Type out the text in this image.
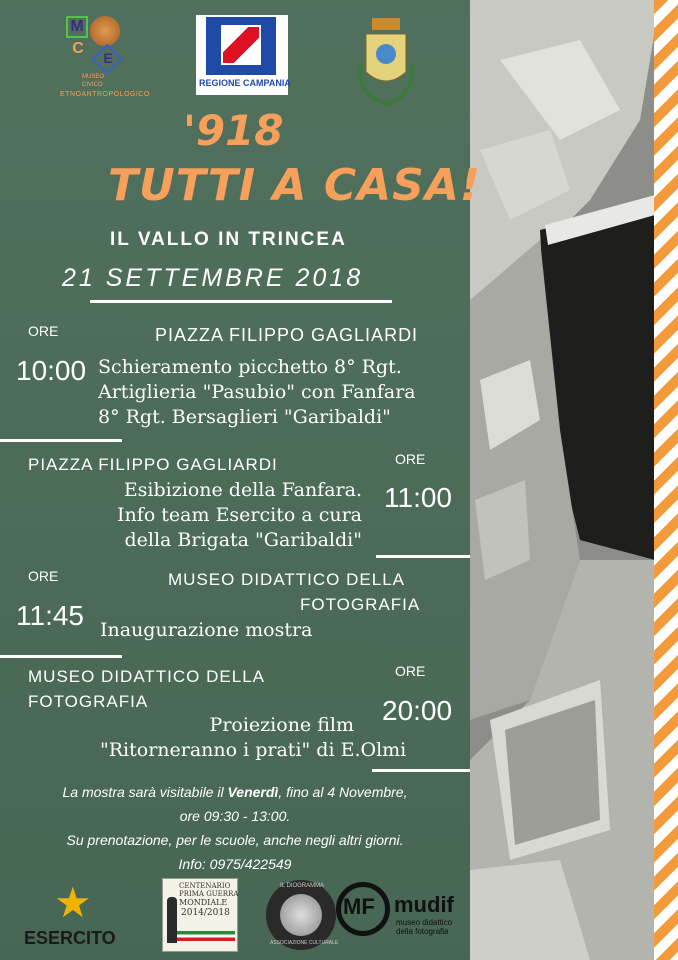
M
C
E
MUSEO
CIVICO
ETNOANTROPOLOGICO
REGIONE CAMPANIA
'918
TUTTI A CASA!
IL VALLO IN TRINCEA
21 SETTEMBRE 2018
ORE	PIAZZA FILIPPO GAGLIARDI
10:00 Schieramento picchetto 8° Rgt.
Artiglieria "Pasubio" con Fanfara
8° Rgt. Bersaglieri "Garibaldi"
PIAZZA FILIPPO GAGLIARDI	ORE
11:00
Esibizione della Fanfara.
Info team Esercito a cura
della Brigata "Garibaldi"
ORE	MUSEO DIDATTICO DELLA
FOTOGRAFIA
11:45 Inaugurazione mostra
MUSEO DIDATTICO DELLA
FOTOGRAFIA
ORE
20:00
Proiezione film
"Ritorneranno i prati" di E.Olmi
La mostra sarà visitabile il Venerdì, fino al 4 Novembre,
ore 09:30 - 13:00.
Su prenotazione, per le scuole, anche negli altri giorni.
Info: 0975/422549
★
ESERCITO
CENTENARIO
PRIMA GUERRA
MONDIALE
2014/2018
IL DIOGRAMMA
ASSOCIAZIONE CULTURALE
MF mudif
museo didattico
della fotografia
